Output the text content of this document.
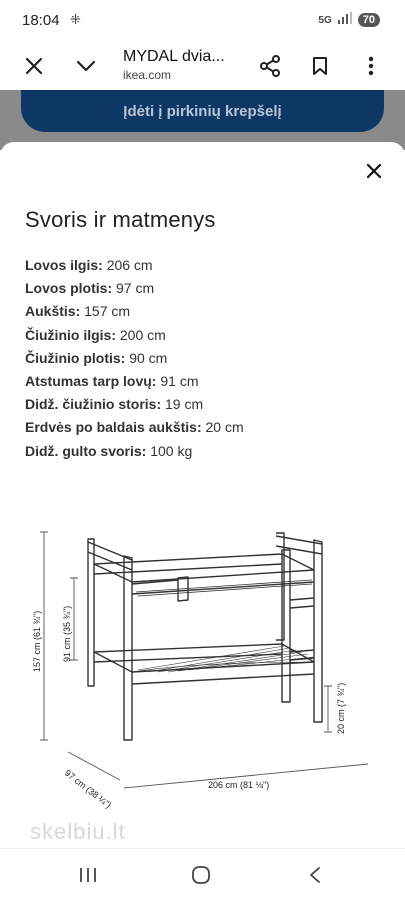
18:04 ⁜	5G	70
MYDAL dvia...
ikea.com
Įdėti į pirkinių krepšelį
Svoris ir matmenys
Lovos ilgis: 206 cm
Lovos plotis: 97 cm
Aukštis: 157 cm
Čiužinio ilgis: 200 cm
Čiužinio plotis: 90 cm
Atstumas tarp lovų: 91 cm
Didž. čiužinio storis: 19 cm
Erdvės po baldais aukštis: 20 cm
Didž. gulto svoris: 100 kg
157 cm (61 ¾") 91 cm (35 ¾")
97 cm (38 ¼")	206 cm (81 ⅛")
20 cm (7 ¾")
skelbiu.lt
